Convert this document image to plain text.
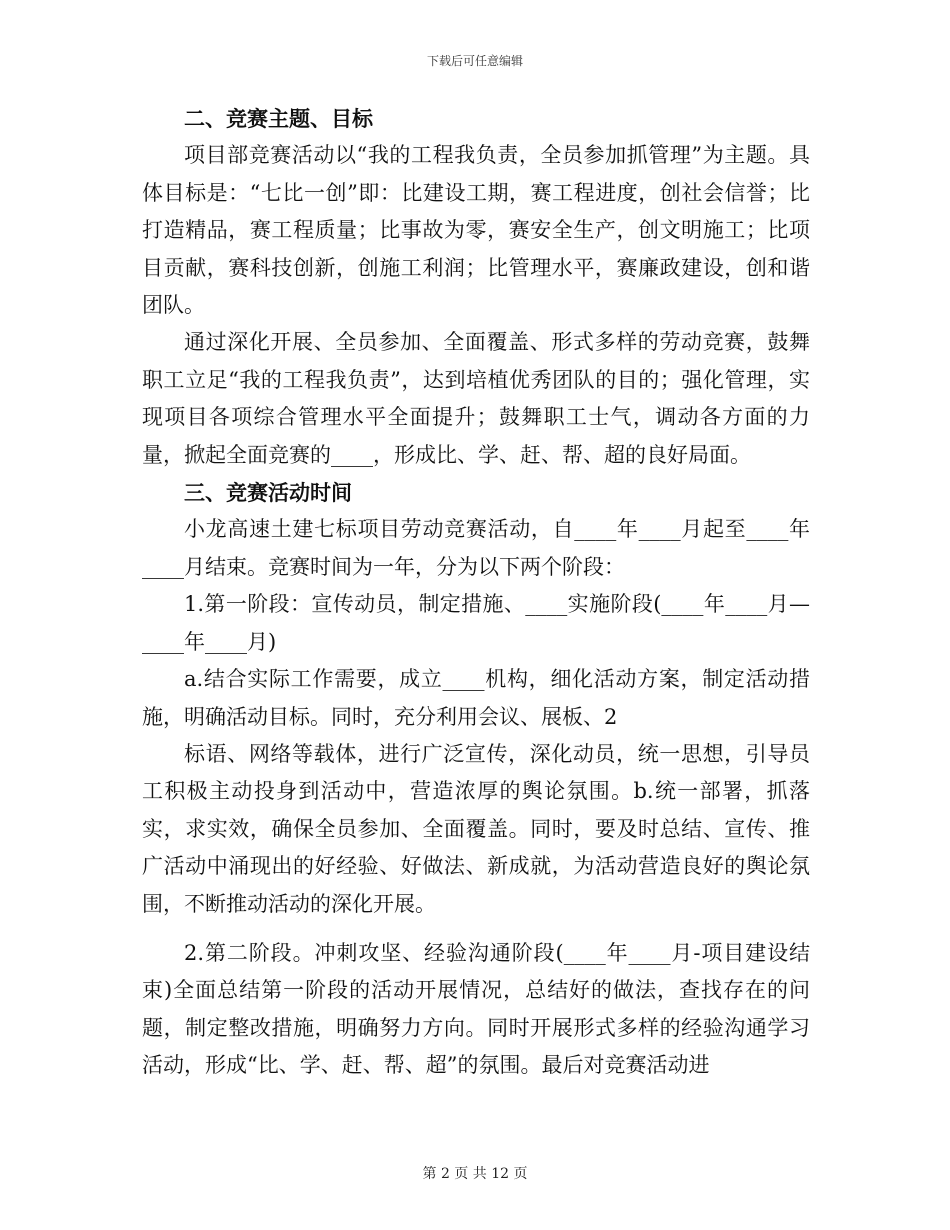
下载后可任意编辑
二、竞赛主题、目标

项目部竞赛活动以“我的工程我负责，全员参加抓管理”为主题。具体目标是：“七比一创”即：比建设工期，赛工程进度，创社会信誉；比打造精品，赛工程质量；比事故为零，赛安全生产，创文明施工；比项目贡献，赛科技创新，创施工利润；比管理水平，赛廉政建设，创和谐团队。

通过深化开展、全员参加、全面覆盖、形式多样的劳动竞赛，鼓舞职工立足“我的工程我负责”，达到培植优秀团队的目的；强化管理，实现项目各项综合管理水平全面提升；鼓舞职工士气，调动各方面的力量，掀起全面竞赛的____，形成比、学、赶、帮、超的良好局面。

三、竞赛活动时间

小龙高速土建七标项目劳动竞赛活动，自____年____月起至____年____月结束。竞赛时间为一年，分为以下两个阶段：

1.第一阶段：宣传动员，制定措施、____实施阶段(____年____月—____年____月)

a.结合实际工作需要，成立____机构，细化活动方案，制定活动措施，明确活动目标。同时，充分利用会议、展板、2

标语、网络等载体，进行广泛宣传，深化动员，统一思想，引导员工积极主动投身到活动中，营造浓厚的舆论氛围。b.统一部署，抓落实，求实效，确保全员参加、全面覆盖。同时，要及时总结、宣传、推广活动中涌现出的好经验、好做法、新成就，为活动营造良好的舆论氛围，不断推动活动的深化开展。

2.第二阶段。冲刺攻坚、经验沟通阶段(____年____月-项目建设结束)全面总结第一阶段的活动开展情况，总结好的做法，查找存在的问题，制定整改措施，明确努力方向。同时开展形式多样的经验沟通学习活动，形成“比、学、赶、帮、超”的氛围。最后对竞赛活动进

第 2 页 共 12 页
